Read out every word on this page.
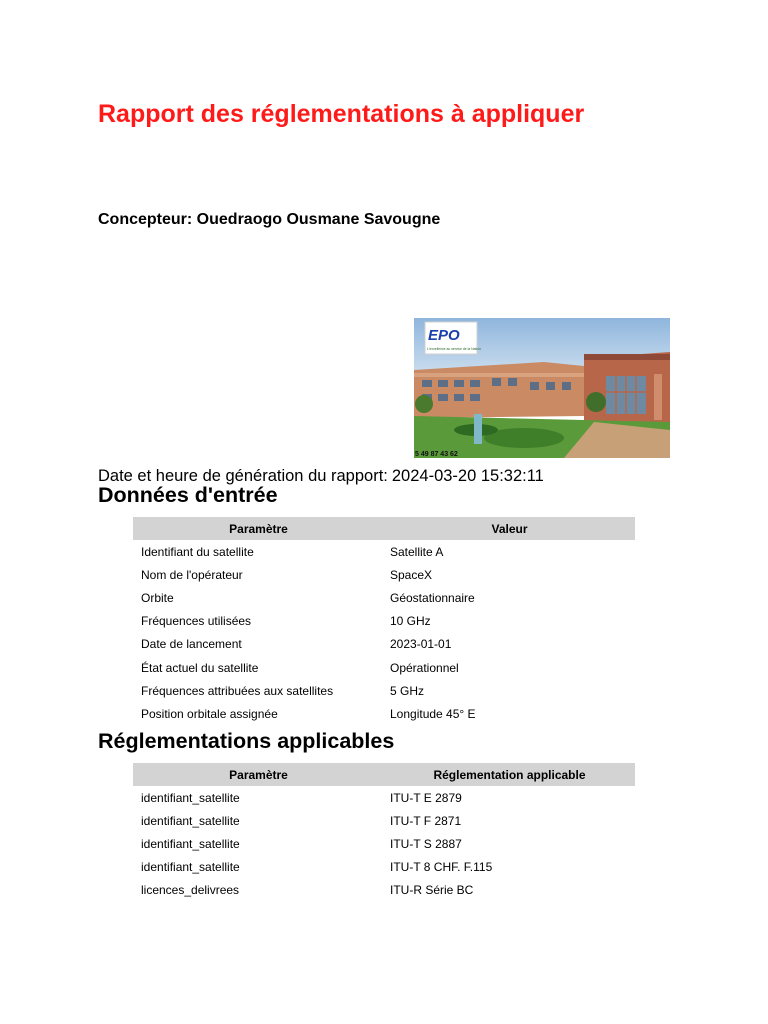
Rapport des réglementations à appliquer

Concepteur: Ouedraogo Ousmane Savougne

EPO
L'excellence au service de la Nation
5 49 87 43 62

Date et heure de génération du rapport: 2024-03-20 15:32:11

Données d'entrée
Paramètre	Valeur
Identifiant du satellite	Satellite A
Nom de l'opérateur	SpaceX
Orbite	Géostationnaire
Fréquences utilisées	10 GHz
Date de lancement	2023-01-01
État actuel du satellite	Opérationnel
Fréquences attribuées aux satellites	5 GHz
Position orbitale assignée	Longitude 45° E
Réglementations applicables
Paramètre	Réglementation applicable
identifiant_satellite	ITU-T E 2879
identifiant_satellite	ITU-T F 2871
identifiant_satellite	ITU-T S 2887
identifiant_satellite	ITU-T 8 CHF. F.115
licences_delivrees	ITU-R Série BC
